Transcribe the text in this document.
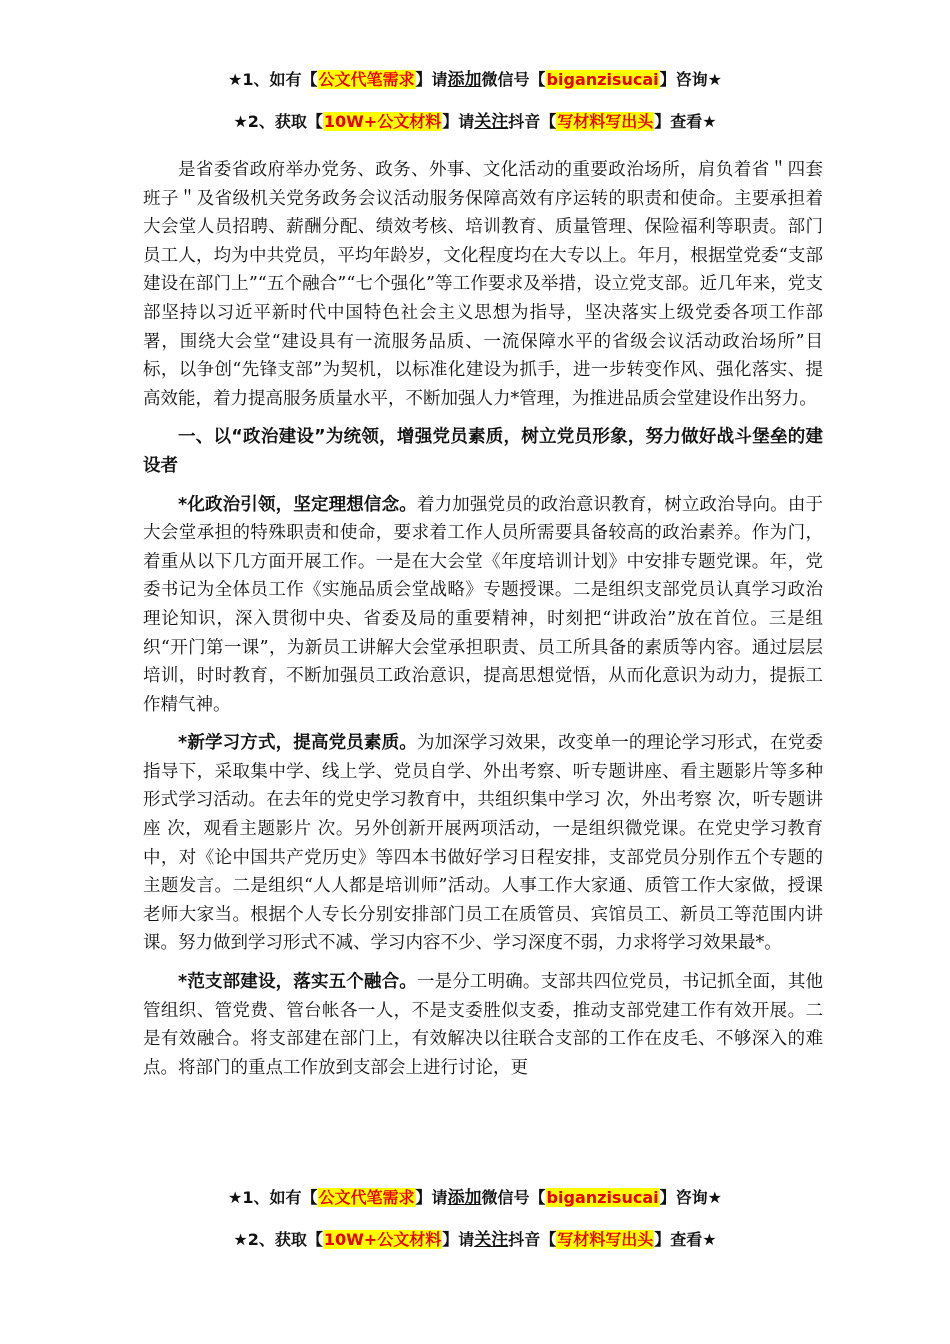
★1、如有【公文代笔需求】请添加微信号【biganzisucai】咨询★
★2、获取【10W+公文材料】请关注抖音【写材料写出头】查看★

是省委省政府举办党务、政务、外事、文化活动的重要政治场所，肩负着省＂四套班子＂及省级机关党务政务会议活动服务保障高效有序运转的职责和使命。主要承担着大会堂人员招聘、薪酬分配、绩效考核、培训教育、质量管理、保险福利等职责。部门员工人，均为中共党员，平均年龄岁，文化程度均在大专以上。年月，根据堂党委“支部建设在部门上”“五个融合”“七个强化”等工作要求及举措，设立党支部。近几年来，党支部坚持以习近平新时代中国特色社会主义思想为指导，坚决落实上级党委各项工作部署，围绕大会堂“建设具有一流服务品质、一流保障水平的省级会议活动政治场所”目标，以争创“先锋支部”为契机，以标准化建设为抓手，进一步转变作风、强化落实、提高效能，着力提高服务质量水平，不断加强人力*管理，为推进品质会堂建设作出努力。

一、以“政治建设”为统领，增强党员素质，树立党员形象，努力做好战斗堡垒的建设者

*化政治引领，坚定理想信念。着力加强党员的政治意识教育，树立政治导向。由于大会堂承担的特殊职责和使命，要求着工作人员所需要具备较高的政治素养。作为门，着重从以下几方面开展工作。一是在大会堂《年度培训计划》中安排专题党课。年，党委书记为全体员工作《实施品质会堂战略》专题授课。二是组织支部党员认真学习政治理论知识，深入贯彻中央、省委及局的重要精神，时刻把“讲政治”放在首位。三是组织“开门第一课”，为新员工讲解大会堂承担职责、员工所具备的素质等内容。通过层层培训，时时教育，不断加强员工政治意识，提高思想觉悟，从而化意识为动力，提振工作精气神。

*新学习方式，提高党员素质。为加深学习效果，改变单一的理论学习形式，在党委指导下，采取集中学、线上学、党员自学、外出考察、听专题讲座、看主题影片等多种形式学习活动。在去年的党史学习教育中，共组织集中学习 次，外出考察 次，听专题讲座 次，观看主题影片 次。另外创新开展两项活动，一是组织微党课。在党史学习教育中，对《论中国共产党历史》等四本书做好学习日程安排，支部党员分别作五个专题的主题发言。二是组织“人人都是培训师”活动。人事工作大家通、质管工作大家做，授课老师大家当。根据个人专长分别安排部门员工在质管员、宾馆员工、新员工等范围内讲课。努力做到学习形式不减、学习内容不少、学习深度不弱，力求将学习效果最*。

*范支部建设，落实五个融合。一是分工明确。支部共四位党员，书记抓全面，其他管组织、管党费、管台帐各一人，不是支委胜似支委，推动支部党建工作有效开展。二是有效融合。将支部建在部门上，有效解决以往联合支部的工作在皮毛、不够深入的难点。将部门的重点工作放到支部会上进行讨论，更

★1、如有【公文代笔需求】请添加微信号【biganzisucai】咨询★
★2、获取【10W+公文材料】请关注抖音【写材料写出头】查看★
